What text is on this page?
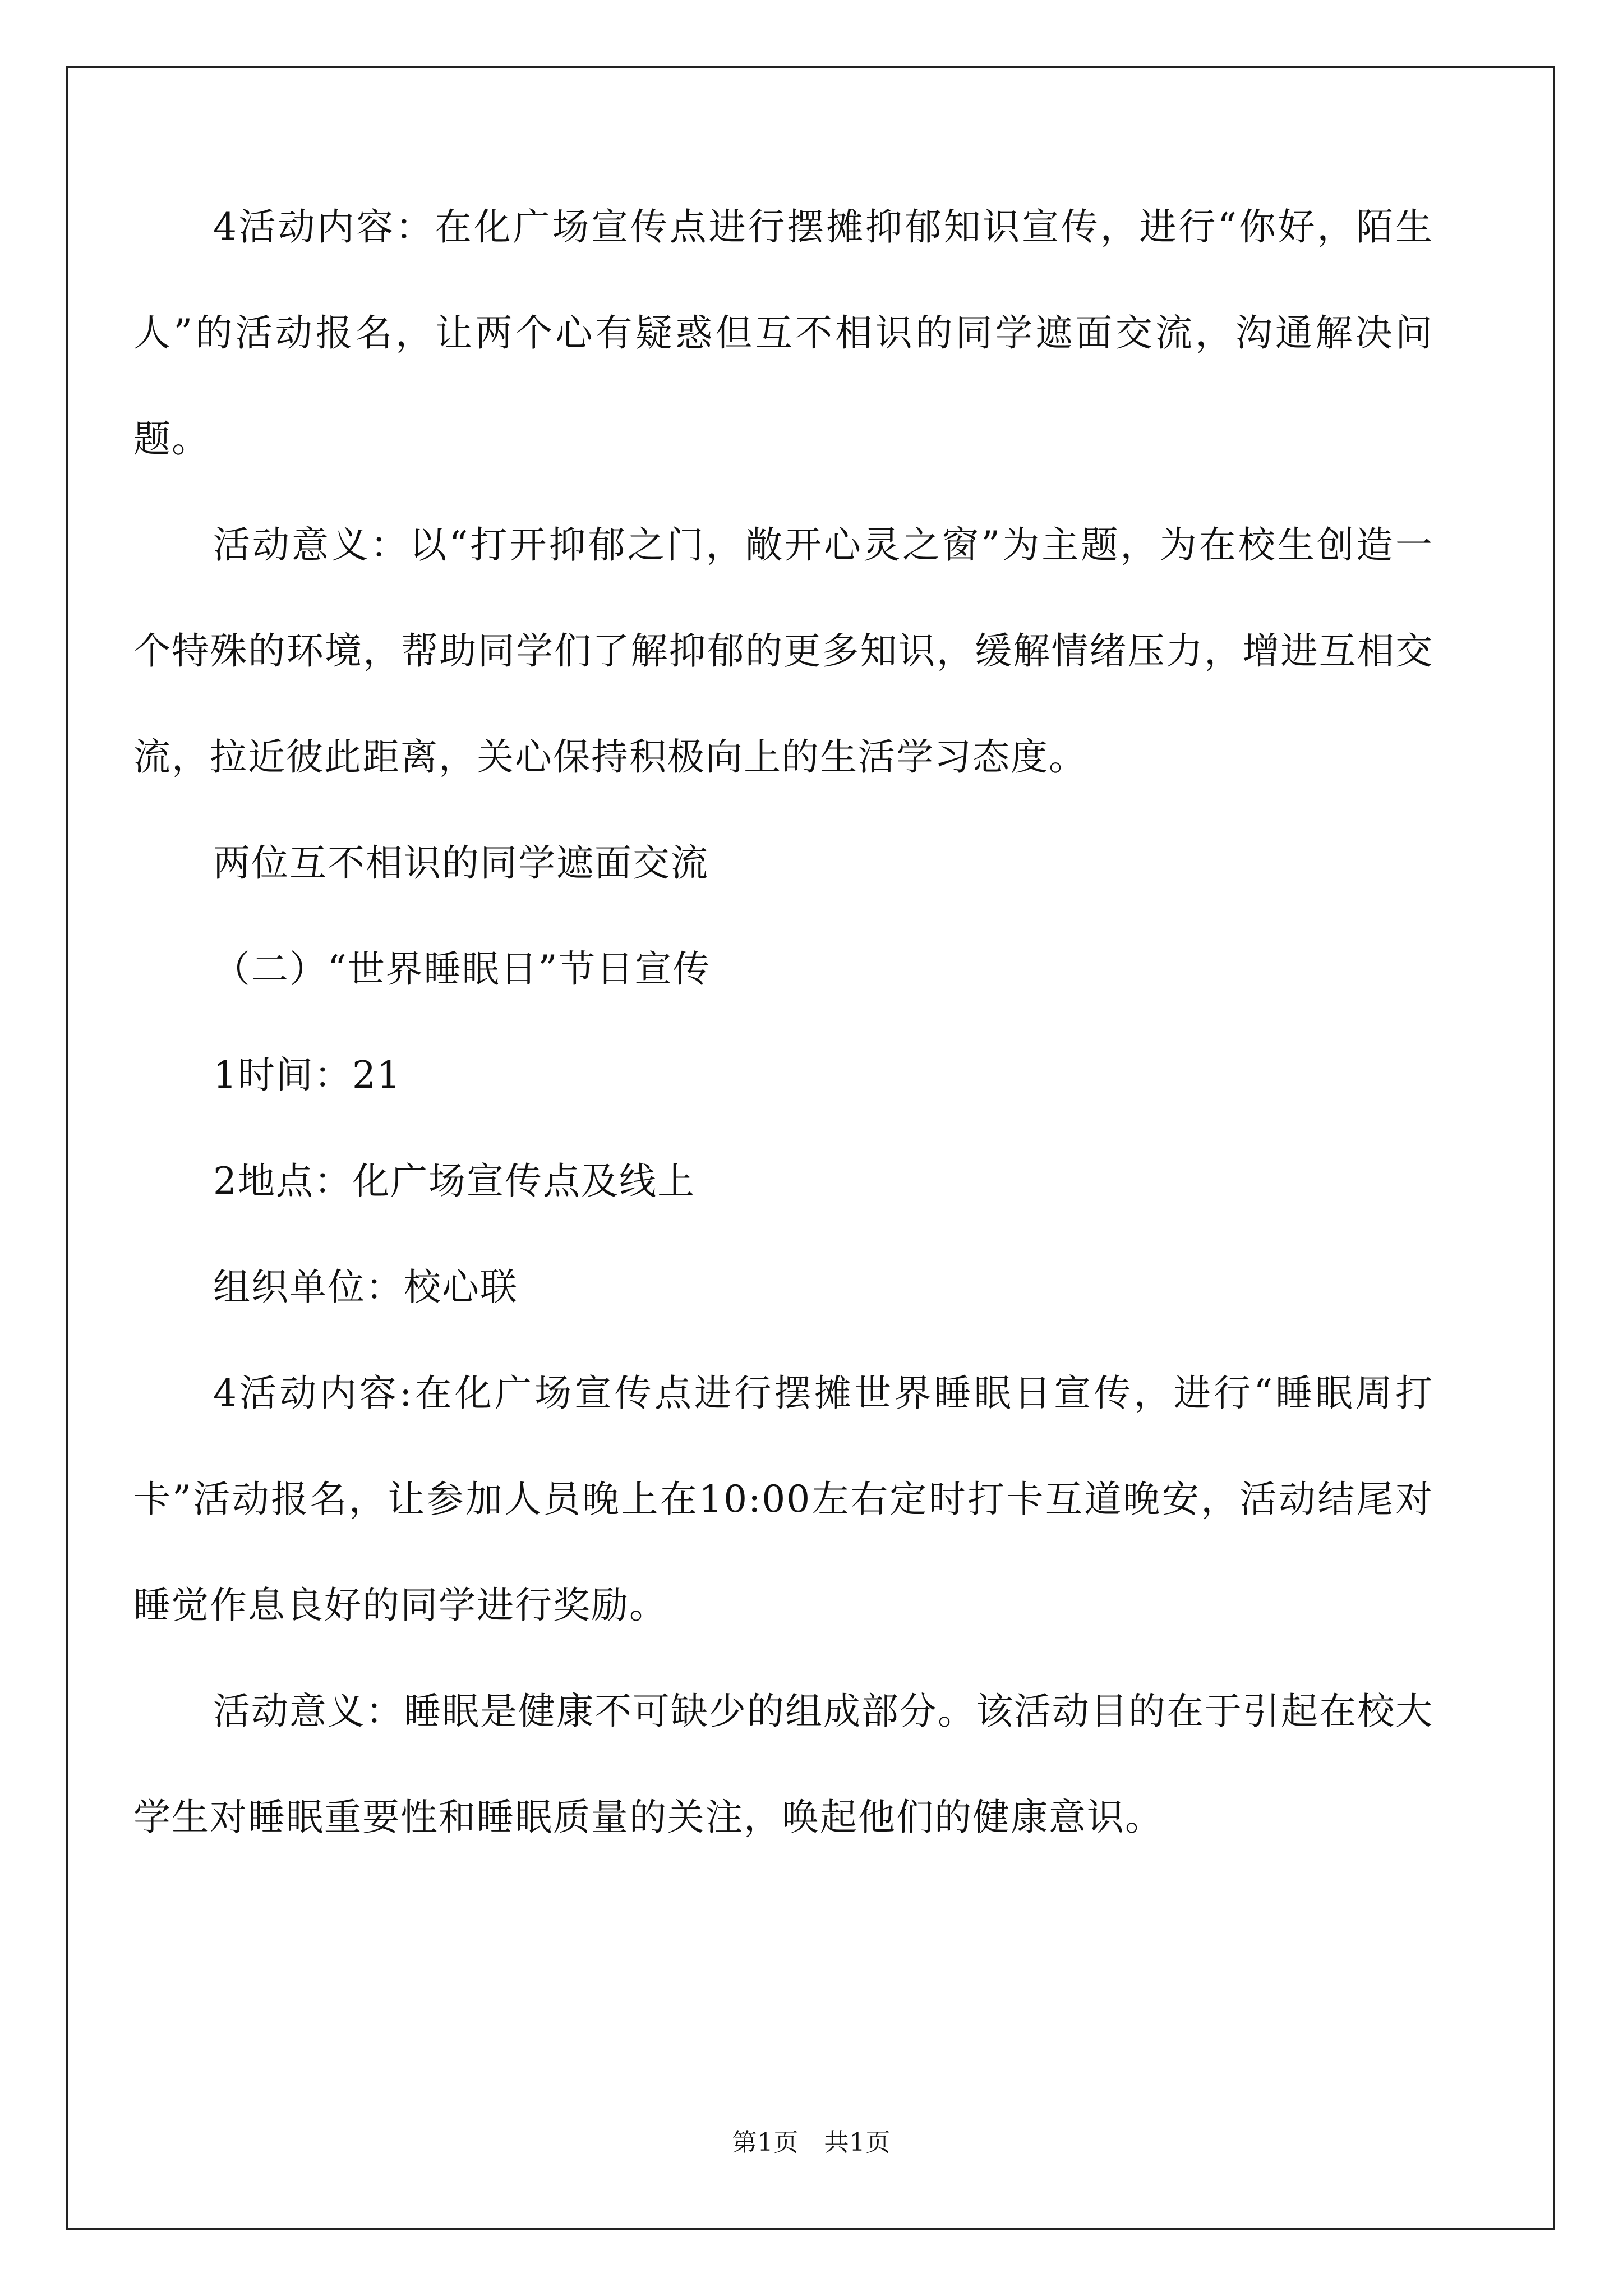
4活动内容：在化广场宣传点进行摆摊抑郁知识宣传，进行“你好，陌生人”的活动报名，让两个心有疑惑但互不相识的同学遮面交流，沟通解决问题。

活动意义：以“打开抑郁之门，敞开心灵之窗”为主题，为在校生创造一个特殊的环境，帮助同学们了解抑郁的更多知识，缓解情绪压力，增进互相交流，拉近彼此距离，关心保持积极向上的生活学习态度。

两位互不相识的同学遮面交流

（二）“世界睡眠日”节日宣传

1时间：21

2地点：化广场宣传点及线上

组织单位：校心联

4活动内容:在化广场宣传点进行摆摊世界睡眠日宣传，进行“睡眠周打卡”活动报名，让参加人员晚上在10:00左右定时打卡互道晚安，活动结尾对睡觉作息良好的同学进行奖励。

活动意义：睡眠是健康不可缺少的组成部分。该活动目的在于引起在校大学生对睡眠重要性和睡眠质量的关注，唤起他们的健康意识。

第1页　共1页
